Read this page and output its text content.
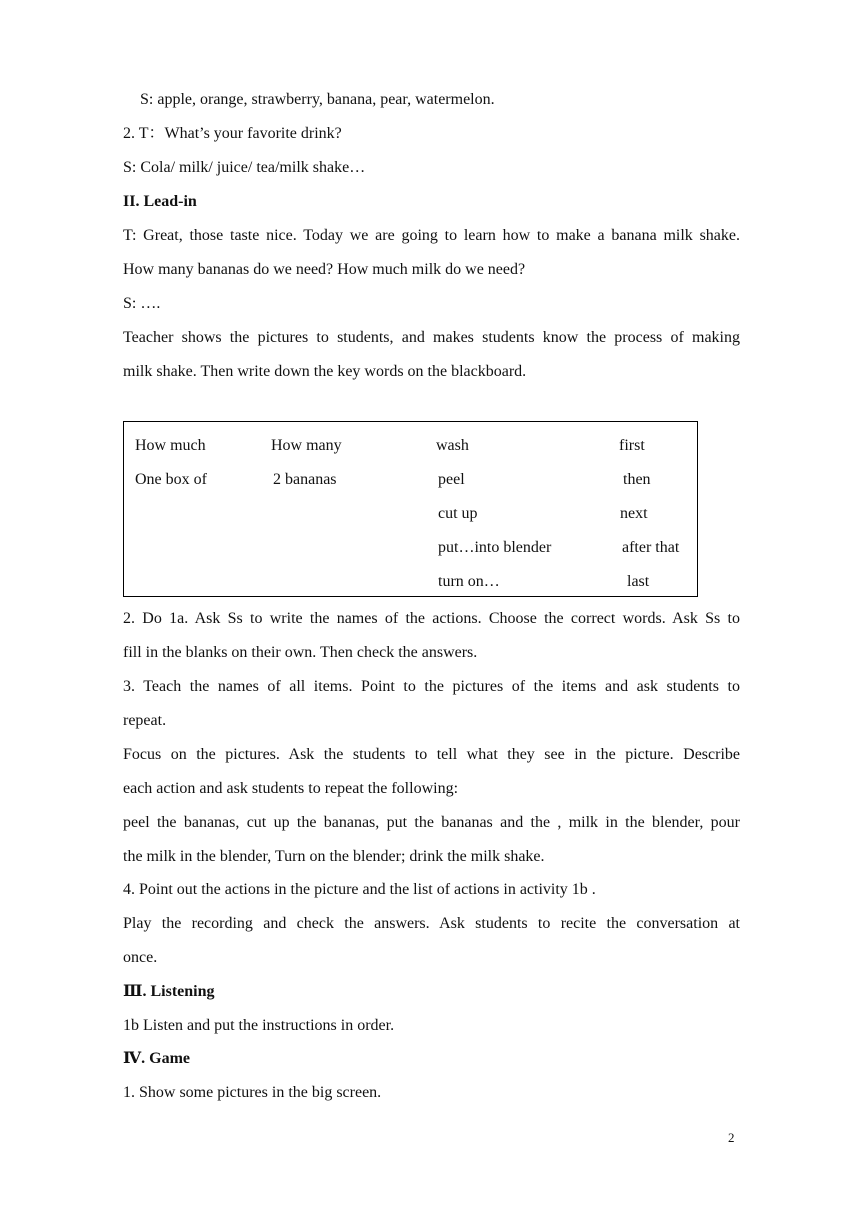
S: apple, orange, strawberry, banana, pear, watermelon.
2. T：What’s your favorite drink?
S: Cola/ milk/ juice/ tea/milk shake…
II. Lead-in
T: Great, those taste nice. Today we are going to learn how to make a banana milk shake.
How many bananas do we need? How much milk do we need?
S: ….
Teacher shows the pictures to students, and makes students know the process of making
milk shake. Then write down the key words on the blackboard.
How much
One box of
How many
2 bananas
wash
peel
cut up
put…into blender
turn on…
first
then
next
after that
last
2. Do 1a. Ask Ss to write the names of the actions. Choose the correct words. Ask Ss to
fill in the blanks on their own. Then check the answers.
3. Teach the names of all items. Point to the pictures of the items and ask students to
repeat.
Focus on the pictures. Ask the students to tell what they see in the picture. Describe
each action and ask students to repeat the following:
peel the bananas, cut up the bananas, put the bananas and the , milk in the blender, pour
the milk in the blender, Turn on the blender; drink the milk shake.
4. Point out the actions in the picture and the list of actions in activity 1b .
Play the recording and check the answers. Ask students to recite the conversation at
once.
Ⅲ. Listening
1b Listen and put the instructions in order.
Ⅳ. Game
1. Show some pictures in the big screen.
2
